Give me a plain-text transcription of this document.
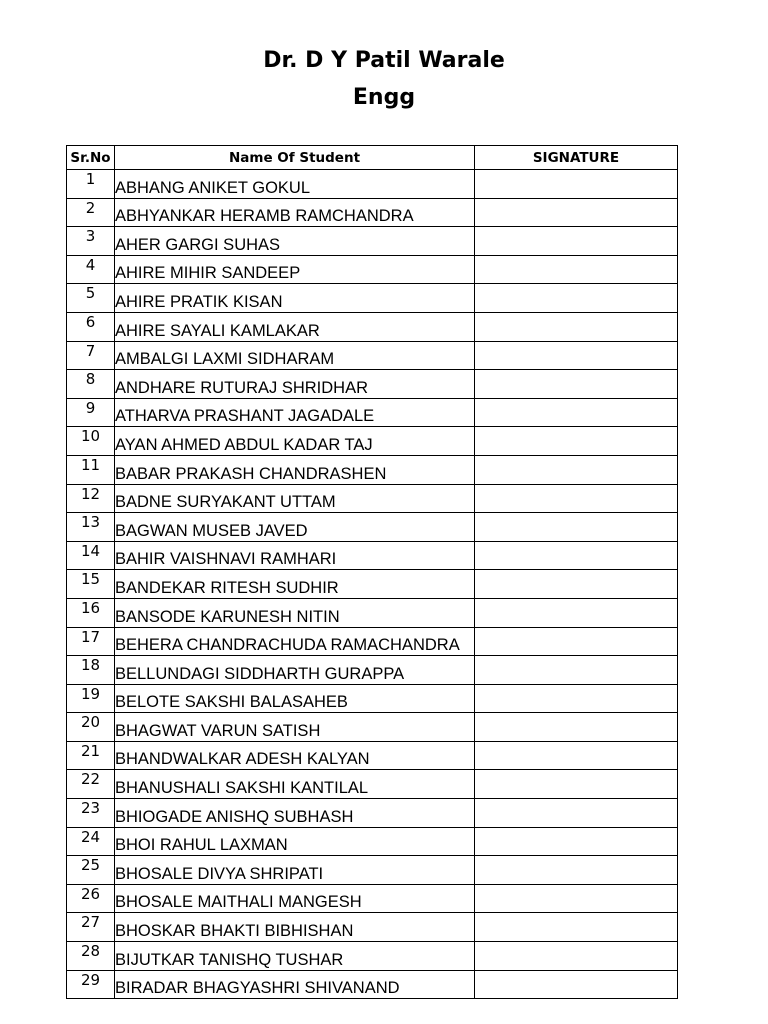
Dr. D Y Patil Warale
Engg
Sr.No	Name Of Student	SIGNATURE
1	ABHANG ANIKET GOKUL	
2	ABHYANKAR HERAMB RAMCHANDRA	
3	AHER GARGI SUHAS	
4	AHIRE MIHIR SANDEEP	
5	AHIRE PRATIK KISAN	
6	AHIRE SAYALI KAMLAKAR	
7	AMBALGI LAXMI SIDHARAM	
8	ANDHARE RUTURAJ SHRIDHAR	
9	ATHARVA PRASHANT JAGADALE	
10	AYAN AHMED ABDUL KADAR TAJ	
11	BABAR PRAKASH CHANDRASHEN	
12	BADNE SURYAKANT UTTAM	
13	BAGWAN MUSEB JAVED	
14	BAHIR VAISHNAVI RAMHARI	
15	BANDEKAR RITESH SUDHIR	
16	BANSODE KARUNESH NITIN	
17	BEHERA CHANDRACHUDA RAMACHANDRA	
18	BELLUNDAGI SIDDHARTH GURAPPA	
19	BELOTE SAKSHI BALASAHEB	
20	BHAGWAT VARUN SATISH	
21	BHANDWALKAR ADESH KALYAN	
22	BHANUSHALI SAKSHI KANTILAL	
23	BHIOGADE ANISHQ SUBHASH	
24	BHOI RAHUL LAXMAN	
25	BHOSALE DIVYA SHRIPATI	
26	BHOSALE MAITHALI MANGESH	
27	BHOSKAR BHAKTI BIBHISHAN	
28	BIJUTKAR TANISHQ TUSHAR	
29	BIRADAR BHAGYASHRI SHIVANAND	
